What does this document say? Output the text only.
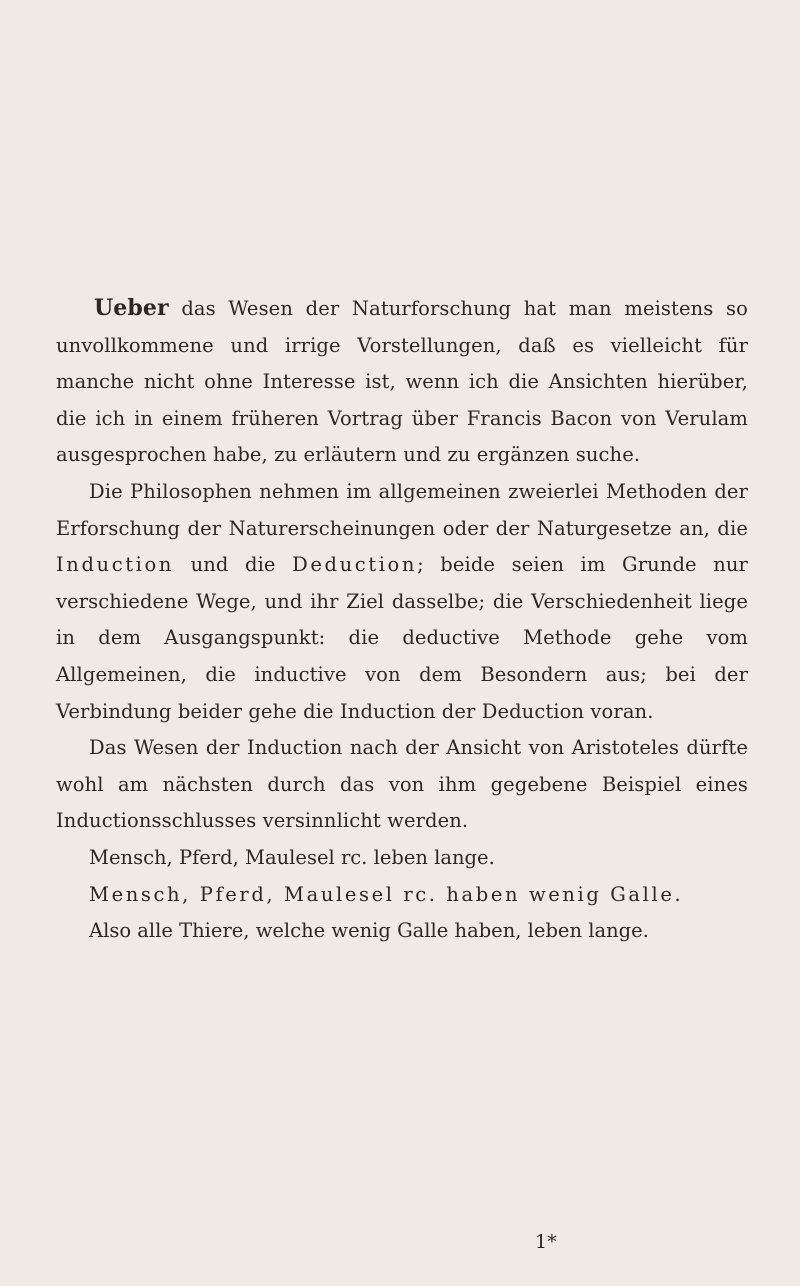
Ueber das Wesen der Naturforschung hat man meistens so unvollkommene und irrige Vorstellungen, daß es vielleicht für manche nicht ohne Interesse ist, wenn ich die Ansichten hierüber, die ich in einem früheren Vortrag über Francis Bacon von Verulam ausgesprochen habe, zu erläutern und zu ergänzen suche.

Die Philosophen nehmen im allgemeinen zweierlei Methoden der Erforschung der Naturerscheinungen oder der Naturgesetze an, die Induction und die Deduction; beide seien im Grunde nur verschiedene Wege, und ihr Ziel dasselbe; die Verschiedenheit liege in dem Ausgangspunkt: die deductive Methode gehe vom Allgemeinen, die inductive von dem Besondern aus; bei der Verbindung beider gehe die Induction der Deduction voran.

Das Wesen der Induction nach der Ansicht von Aristoteles dürfte wohl am nächsten durch das von ihm gegebene Beispiel eines Inductionsschlusses versinnlicht werden.

Mensch, Pferd, Maulesel rc. leben lange.

Mensch, Pferd, Maulesel rc. haben wenig Galle.

Also alle Thiere, welche wenig Galle haben, leben lange.

1*
